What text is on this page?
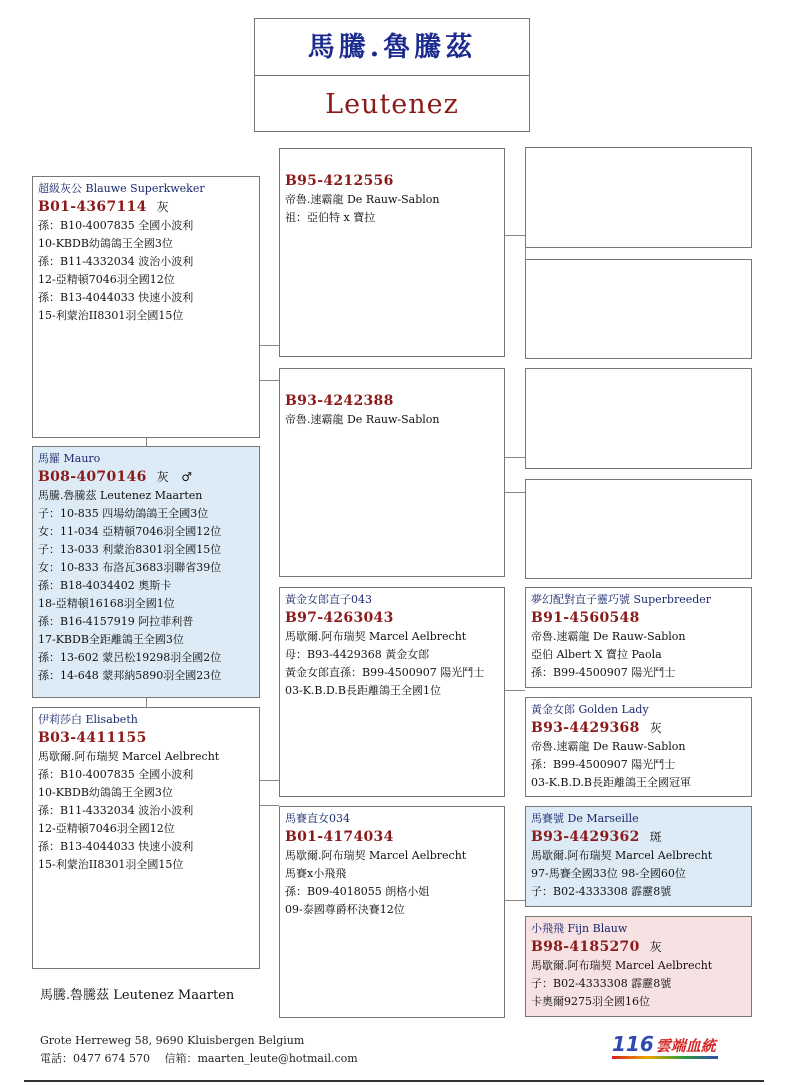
馬騰.魯騰茲
Leutenez
超級灰公 Blauwe Superkweker
B01-4367114 灰
孫：B10-4007835 全國小波利
10-KBDB幼鴿鴿王全國3位
孫：B11-4332034 波治小波利
12-亞精頓7046羽全國12位
孫：B13-4044033 快速小波利
15-利蒙治II8301羽全國15位
馬羅 Mauro
B08-4070146 灰　♂
馬騰.魯騰茲 Leutenez Maarten
子：10-835 四場幼鴿鴿王全國3位
女：11-034 亞精頓7046羽全國12位
子：13-033 利蒙治8301羽全國15位
女：10-833 布洛瓦3683羽聯省39位
孫：B18-4034402 奧斯卡
18-亞精頓16168羽全國1位
孫：B16-4157919 阿拉菲利普
17-KBDB全距離鴿王全國3位
孫：13-602 蒙呂松19298羽全國2位
孫：14-648 蒙邦納5890羽全國23位
伊莉莎白 Elisabeth
B03-4411155
馬歇爾.阿布瑞契 Marcel Aelbrecht
孫：B10-4007835 全國小波利
10-KBDB幼鴿鴿王全國3位
孫：B11-4332034 波治小波利
12-亞精頓7046羽全國12位
孫：B13-4044033 快速小波利
15-利蒙治II8301羽全國15位
B95-4212556
帝魯.速霸龍 De Rauw-Sablon
祖：亞伯特 x 寶拉
B93-4242388
帝魯.速霸龍 De Rauw-Sablon
黃金女郎直子043
B97-4263043
馬歇爾.阿布瑞契 Marcel Aelbrecht
母：B93-4429368 黃金女郎
黃金女郎直孫：B99-4500907 陽光鬥士
03-K.B.D.B長距離鴿王全國1位
馬賽直女034
B01-4174034
馬歇爾.阿布瑞契 Marcel Aelbrecht
馬賽x小飛飛
孫：B09-4018055 朗格小姐
09-泰國尊爵杯決賽12位
夢幻配對直子靈巧號 Superbreeder
B91-4560548
帝魯.速霸龍 De Rauw-Sablon
亞伯 Albert X 寶拉 Paola
孫：B99-4500907 陽光鬥士
黃金女郎 Golden Lady
B93-4429368 灰
帝魯.速霸龍 De Rauw-Sablon
孫：B99-4500907 陽光鬥士
03-K.B.D.B長距離鴿王全國冠軍
馬賽號 De Marseille
B93-4429362 斑
馬歇爾.阿布瑞契 Marcel Aelbrecht
97-馬賽全國33位 98-全國60位
子：B02-4333308 霹靂8號
小飛飛 Fijn Blauw
B98-4185270 灰
馬歇爾.阿布瑞契 Marcel Aelbrecht
子：B02-4333308 霹靂8號
卡奧爾9275羽全國16位
馬騰.魯騰茲 Leutenez Maarten
Grote Herreweg 58, 9690 Kluisbergen Belgium
電話：0477 674 570　 信箱：maarten_leute@hotmail.com
116 雲端血統
